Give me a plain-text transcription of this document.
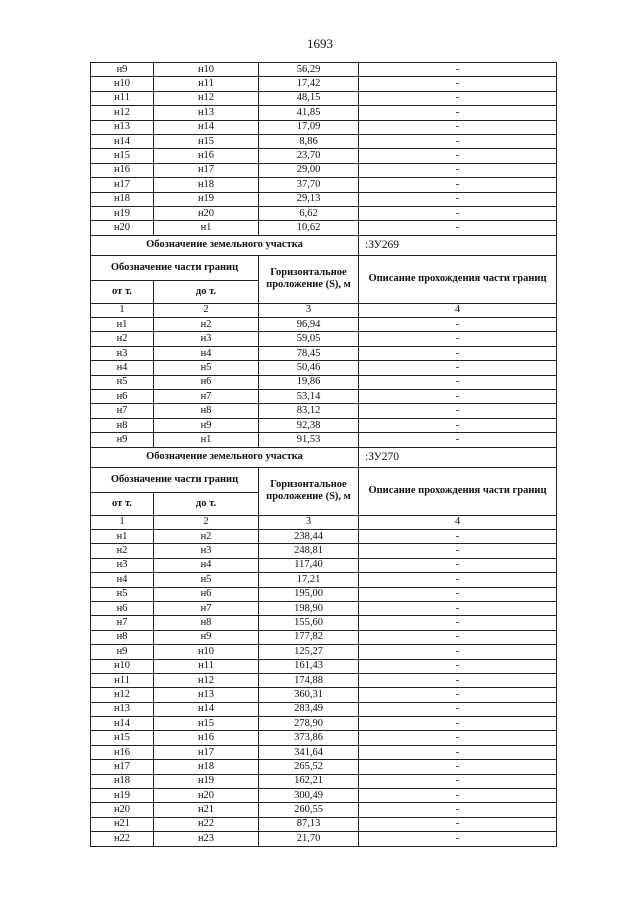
1693
н9	н10	56,29	-
н10	н11	17,42	-
н11	н12	48,15	-
н12	н13	41,85	-
н13	н14	17,09	-
н14	н15	8,86	-
н15	н16	23,70	-
н16	н17	29,00	-
н17	н18	37,70	-
н18	н19	29,13	-
н19	н20	6,62	-
н20	н1	10,62	-
Обозначение земельного участка			:ЗУ269
Обозначение части границ		Горизонтальное проложение (S), м	Описание прохождения части границ
от т.	до т.		
1	2	3	4
н1	н2	96,94	-
н2	н3	59,05	-
н3	н4	78,45	-
н4	н5	50,46	-
н5	н6	19,86	-
н6	н7	53,14	-
н7	н8	83,12	-
н8	н9	92,38	-
н9	н1	91,53	-
Обозначение земельного участка			:ЗУ270
Обозначение части границ		Горизонтальное проложение (S), м	Описание прохождения части границ
от т.	до т.		
1	2	3	4
н1	н2	238,44	-
н2	н3	248,81	-
н3	н4	117,40	-
н4	н5	17,21	-
н5	н6	195,00	-
н6	н7	198,90	-
н7	н8	155,60	-
н8	н9	177,82	-
н9	н10	125,27	-
н10	н11	161,43	-
н11	н12	174,88	-
н12	н13	360,31	-
н13	н14	283,49	-
н14	н15	278,90	-
н15	н16	373,86	-
н16	н17	341,64	-
н17	н18	265,52	-
н18	н19	162,21	-
н19	н20	300,49	-
н20	н21	260,55	-
н21	н22	87,13	-
н22	н23	21,70	-
